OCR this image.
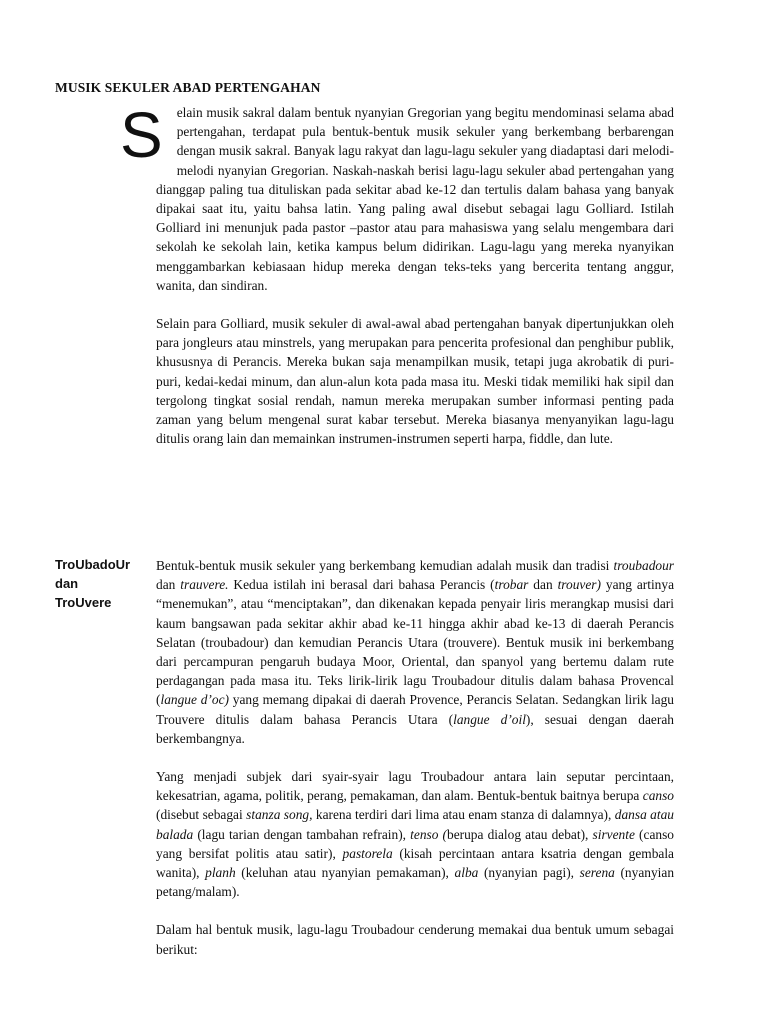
MUSIK SEKULER ABAD PERTENGAHAN

S elain musik sakral dalam bentuk nyanyian Gregorian yang begitu mendominasi selama abad pertengahan, terdapat pula bentuk-bentuk musik sekuler yang berkembang berbarengan dengan musik sakral. Banyak lagu rakyat dan lagu-lagu sekuler yang diadaptasi dari melodi-melodi nyanyian Gregorian. Naskah-naskah berisi lagu-lagu sekuler abad pertengahan yang dianggap paling tua dituliskan pada sekitar abad ke-12 dan tertulis dalam bahasa yang banyak dipakai saat itu, yaitu bahsa latin. Yang paling awal disebut sebagai lagu Golliard. Istilah Golliard ini menunjuk pada pastor –pastor atau para mahasiswa yang selalu mengembara dari sekolah ke sekolah lain, ketika kampus belum didirikan. Lagu-lagu yang mereka nyanyikan menggambarkan kebiasaan hidup mereka dengan teks-teks yang bercerita tentang anggur, wanita, dan sindiran.

Selain para Golliard, musik sekuler di awal-awal abad pertengahan banyak dipertunjukkan oleh para jongleurs atau minstrels, yang merupakan para pencerita profesional dan penghibur publik, khususnya di Perancis. Mereka bukan saja menampilkan musik, tetapi juga akrobatik di puri-puri, kedai-kedai minum, dan alun-alun kota pada masa itu. Meski tidak memiliki hak sipil dan tergolong tingkat sosial rendah, namun mereka merupakan sumber informasi penting pada zaman yang belum mengenal surat kabar tersebut. Mereka biasanya menyanyikan lagu-lagu ditulis orang lain dan memainkan instrumen-instrumen seperti harpa, fiddle, dan lute.

TroUbadoUr
dan
TroUvere

Bentuk-bentuk musik sekuler yang berkembang kemudian adalah musik dan tradisi troubadour dan trauvere. Kedua istilah ini berasal dari bahasa Perancis (trobar dan trouver) yang artinya “menemukan”, atau “menciptakan”, dan dikenakan kepada penyair liris merangkap musisi dari kaum bangsawan pada sekitar akhir abad ke-11 hingga akhir abad ke-13 di daerah Perancis Selatan (troubadour) dan kemudian Perancis Utara (trouvere). Bentuk musik ini berkembang dari percampuran pengaruh budaya Moor, Oriental, dan spanyol yang bertemu dalam rute perdagangan pada masa itu. Teks lirik-lirik lagu Troubadour ditulis dalam bahasa Provencal (langue d’oc) yang memang dipakai di daerah Provence, Perancis Selatan. Sedangkan lirik lagu Trouvere ditulis dalam bahasa Perancis Utara (langue d’oil), sesuai dengan daerah berkembangnya.

Yang menjadi subjek dari syair-syair lagu Troubadour antara lain seputar percintaan, kekesatrian, agama, politik, perang, pemakaman, dan alam. Bentuk-bentuk baitnya berupa canso (disebut sebagai stanza song, karena terdiri dari lima atau enam stanza di dalamnya), dansa atau balada (lagu tarian dengan tambahan refrain), tenso (berupa dialog atau debat), sirvente (canso yang bersifat politis atau satir), pastorela (kisah percintaan antara ksatria dengan gembala wanita), planh (keluhan atau nyanyian pemakaman), alba (nyanyian pagi), serena (nyanyian petang/malam).

Dalam hal bentuk musik, lagu-lagu Troubadour cenderung memakai dua bentuk umum sebagai berikut:
